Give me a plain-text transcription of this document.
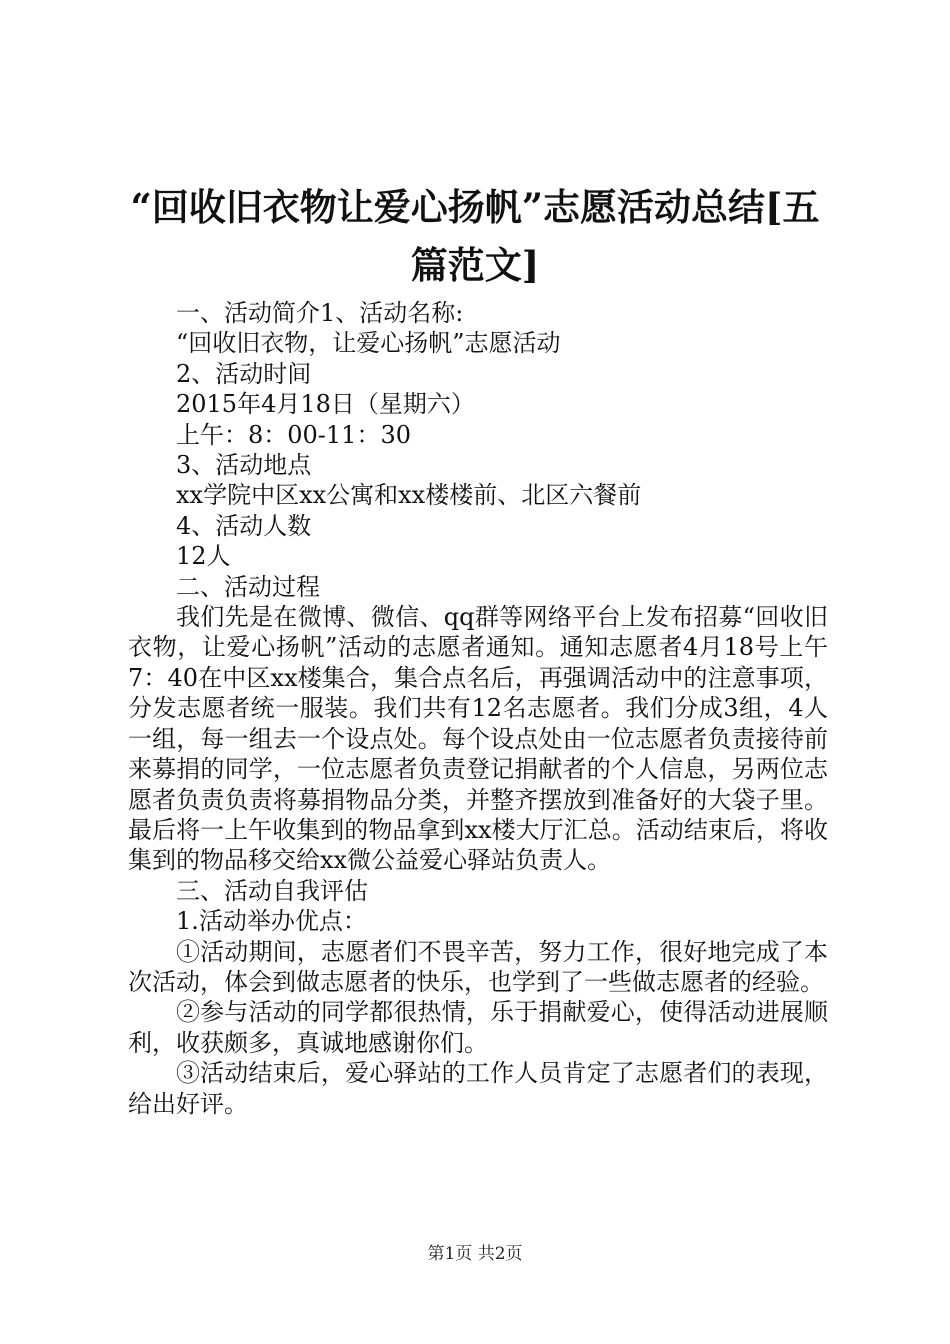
“回收旧衣物让爱心扬帆”志愿活动总结[五篇范文]

一、活动简介1、活动名称:

“回收旧衣物，让爱心扬帆”志愿活动

2、活动时间

2015年4月18日（星期六）

上午：8：00-11：30

3、活动地点

xx学院中区xx公寓和xx楼楼前、北区六餐前

4、活动人数

12人

二、活动过程

我们先是在微博、微信、qq群等网络平台上发布招募“回收旧衣物，让爱心扬帆”活动的志愿者通知。通知志愿者4月18号上午7：40在中区xx楼集合，集合点名后，再强调活动中的注意事项，分发志愿者统一服装。我们共有12名志愿者。我们分成3组，4人一组，每一组去一个设点处。每个设点处由一位志愿者负责接待前来募捐的同学，一位志愿者负责登记捐献者的个人信息，另两位志愿者负责负责将募捐物品分类，并整齐摆放到准备好的大袋子里。最后将一上午收集到的物品拿到xx楼大厅汇总。活动结束后，将收集到的物品移交给xx微公益爱心驿站负责人。

三、活动自我评估

1.活动举办优点：

①活动期间，志愿者们不畏辛苦，努力工作，很好地完成了本次活动，体会到做志愿者的快乐，也学到了一些做志愿者的经验。

②参与活动的同学都很热情，乐于捐献爱心，使得活动进展顺利，收获颇多，真诚地感谢你们。

③活动结束后，爱心驿站的工作人员肯定了志愿者们的表现，给出好评。

第1页 共2页
